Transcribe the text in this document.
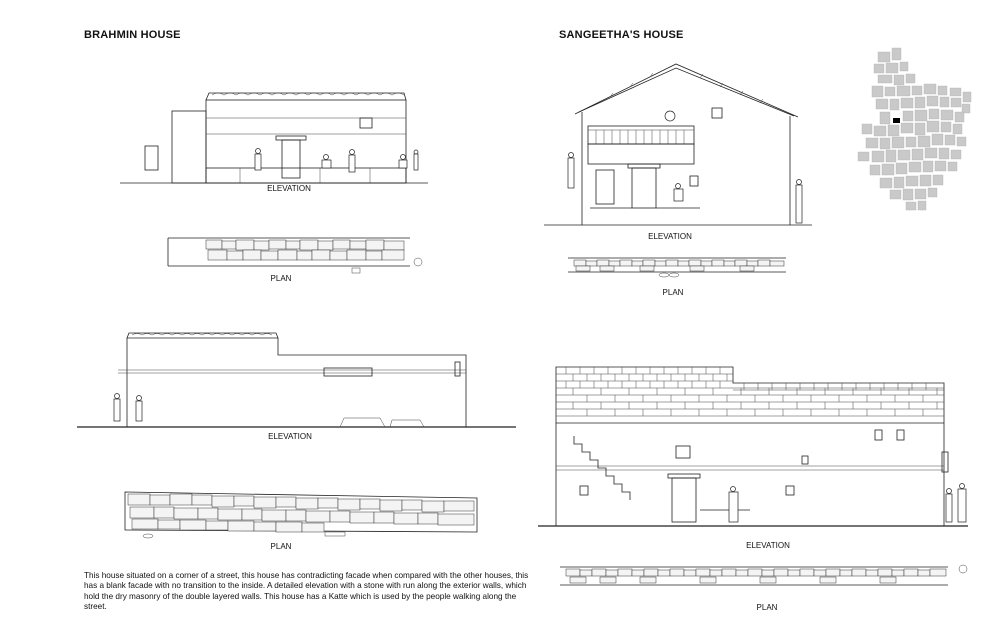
BRAHMIN HOUSE	SANGEETHA'S HOUSE
ELEVATION
PLAN
ELEVATION
PLAN
ELEVATION
PLAN
ELEVATION
PLAN
This house situated on a corner of a street, this house has contradicting facade when compared with the other houses, this has a blank facade with no transition to the inside. A detailed elevation with a stone with run along the exterior walls, which hold the dry masonry of the double layered walls. This house has a Katte which is used by the people walking along the street.
